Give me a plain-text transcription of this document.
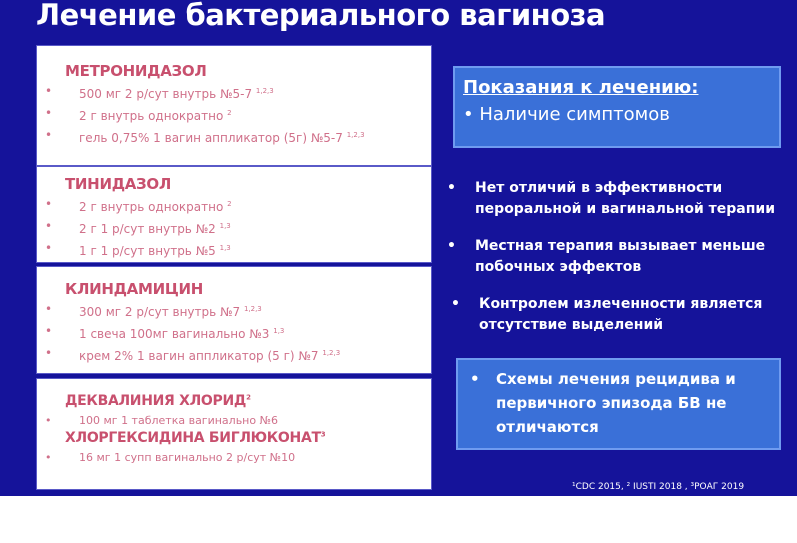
Лечение бактериального вагиноза
МЕТРОНИДАЗОЛ
• 500 мг 2 р/сут внутрь №5-7 $^{1,2,3}$
• 2 г внутрь однократно $^2$
• гель 0,75% 1 вагин аппликатор (5г) №5-7 $^{1,2,3}$
ТИНИДАЗОЛ
• 2 г внутрь однократно $^2$
• 2 г 1 р/сут внутрь №2 $^{1,3}$
• 1 г 1 р/сут внутрь №5 $^{1,3}$
КЛИНДАМИЦИН
• 300 мг 2 р/сут внутрь №7 $^{1,2,3}$
• 1 свеча 100мг вагинально №3 $^{1,3}$
• крем 2% 1 вагин аппликатор (5 г) №7 $^{1,2,3}$
ДЕКВАЛИНИЯ ХЛОРИД$^2$
• 100 мг 1 таблетка вагинально №6
ХЛОРГЕКСИДИНА БИГЛЮКОНАТ$^3$
• 16 мг 1 супп вагинально 2 р/сут №10
Показания к лечению:
• Наличие симптомов
• Нет отличий в эффективности пероральной и вагинальной терапии
• Местная терапия вызывает меньше побочных эффектов
• Контролем излеченности является отсутствие выделений
• Схемы лечения рецидива и первичного эпизода БВ не отличаются
¹CDC 2015, ² IUSTI 2018 , ³РОАГ 2019
